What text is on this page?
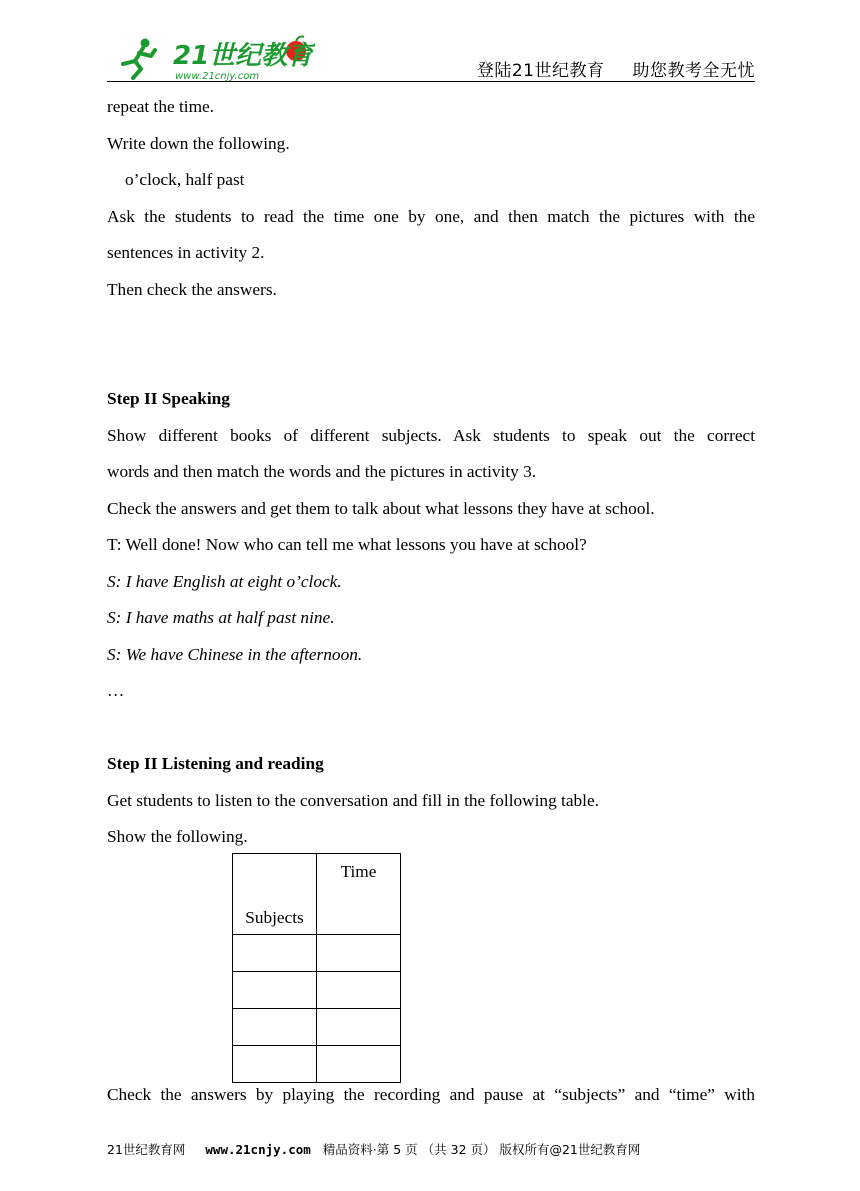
21世纪教育
www.21cnjy.com	登陆21世纪教育 助您教考全无忧
repeat the time.
Write down the following.
o’clock, half past
Ask the students to read the time one by one, and then match the pictures with the
sentences in activity 2.
Then check the answers.
Step II Speaking
Show different books of different subjects. Ask students to speak out the correct
words and then match the words and the pictures in activity 3.
Check the answers and get them to talk about what lessons they have at school.
T: Well done! Now who can tell me what lessons you have at school?
S: I have English at eight o’clock.
S: I have maths at half past nine.
S: We have Chinese in the afternoon.
…
Step II Listening and reading
Get students to listen to the conversation and fill in the following table.
Show the following.
Subjects	Time

Check the answers by playing the recording and pause at “subjects” and “time” with
21世纪教育网 www.21cnjy.com 精品资料·第 5 页 （共 32 页） 版权所有@21世纪教育网
